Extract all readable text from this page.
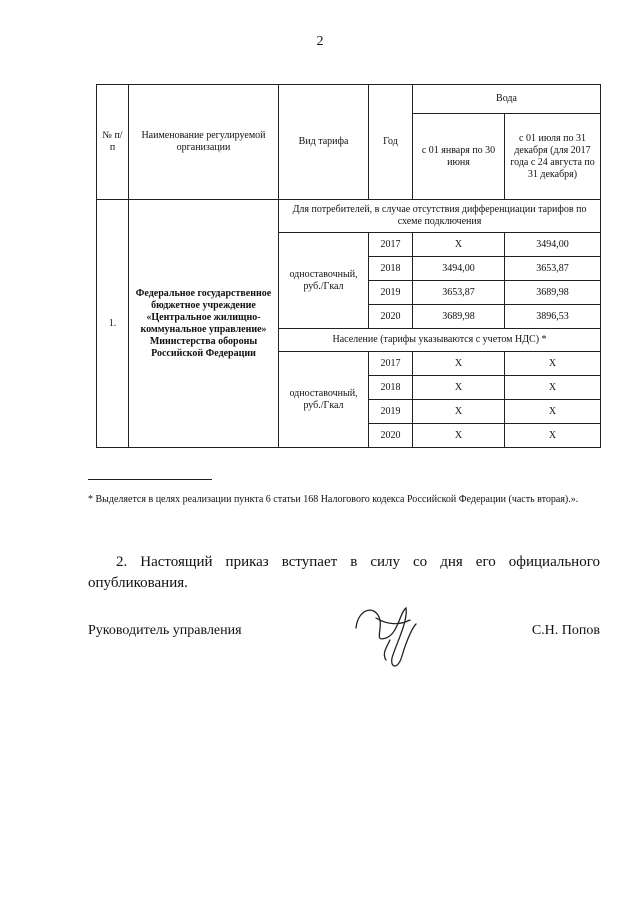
2
№ п/п	Наименование регулируемой организации	Вид тарифа	Год	Вода	
				с 01 января по 30 июня	с 01 июля по 31 декабря (для 2017 года с 24 августа по 31 декабря)
1.	Федеральное государственное бюджетное учреждение «Центральное жилищно-коммунальное управление» Министерства обороны Российской Федерации	Для потребителей, в случае отсутствия дифференциации тарифов по схеме подключения			
		одноставочный, руб./Гкал	2017	Х	3494,00
			2018	3494,00	3653,87
			2019	3653,87	3689,98
			2020	3689,98	3896,53
		Население (тарифы указываются с учетом НДС) *			
		одноставочный, руб./Гкал	2017	Х	Х
			2018	Х	Х
			2019	Х	Х
			2020	Х	Х
* Выделяется в целях реализации пункта 6 статьи 168 Налогового кодекса Российской Федерации (часть вторая).».
2. Настоящий приказ вступает в силу со дня его официального опубликования.
Руководитель управления	С.Н. Попов
